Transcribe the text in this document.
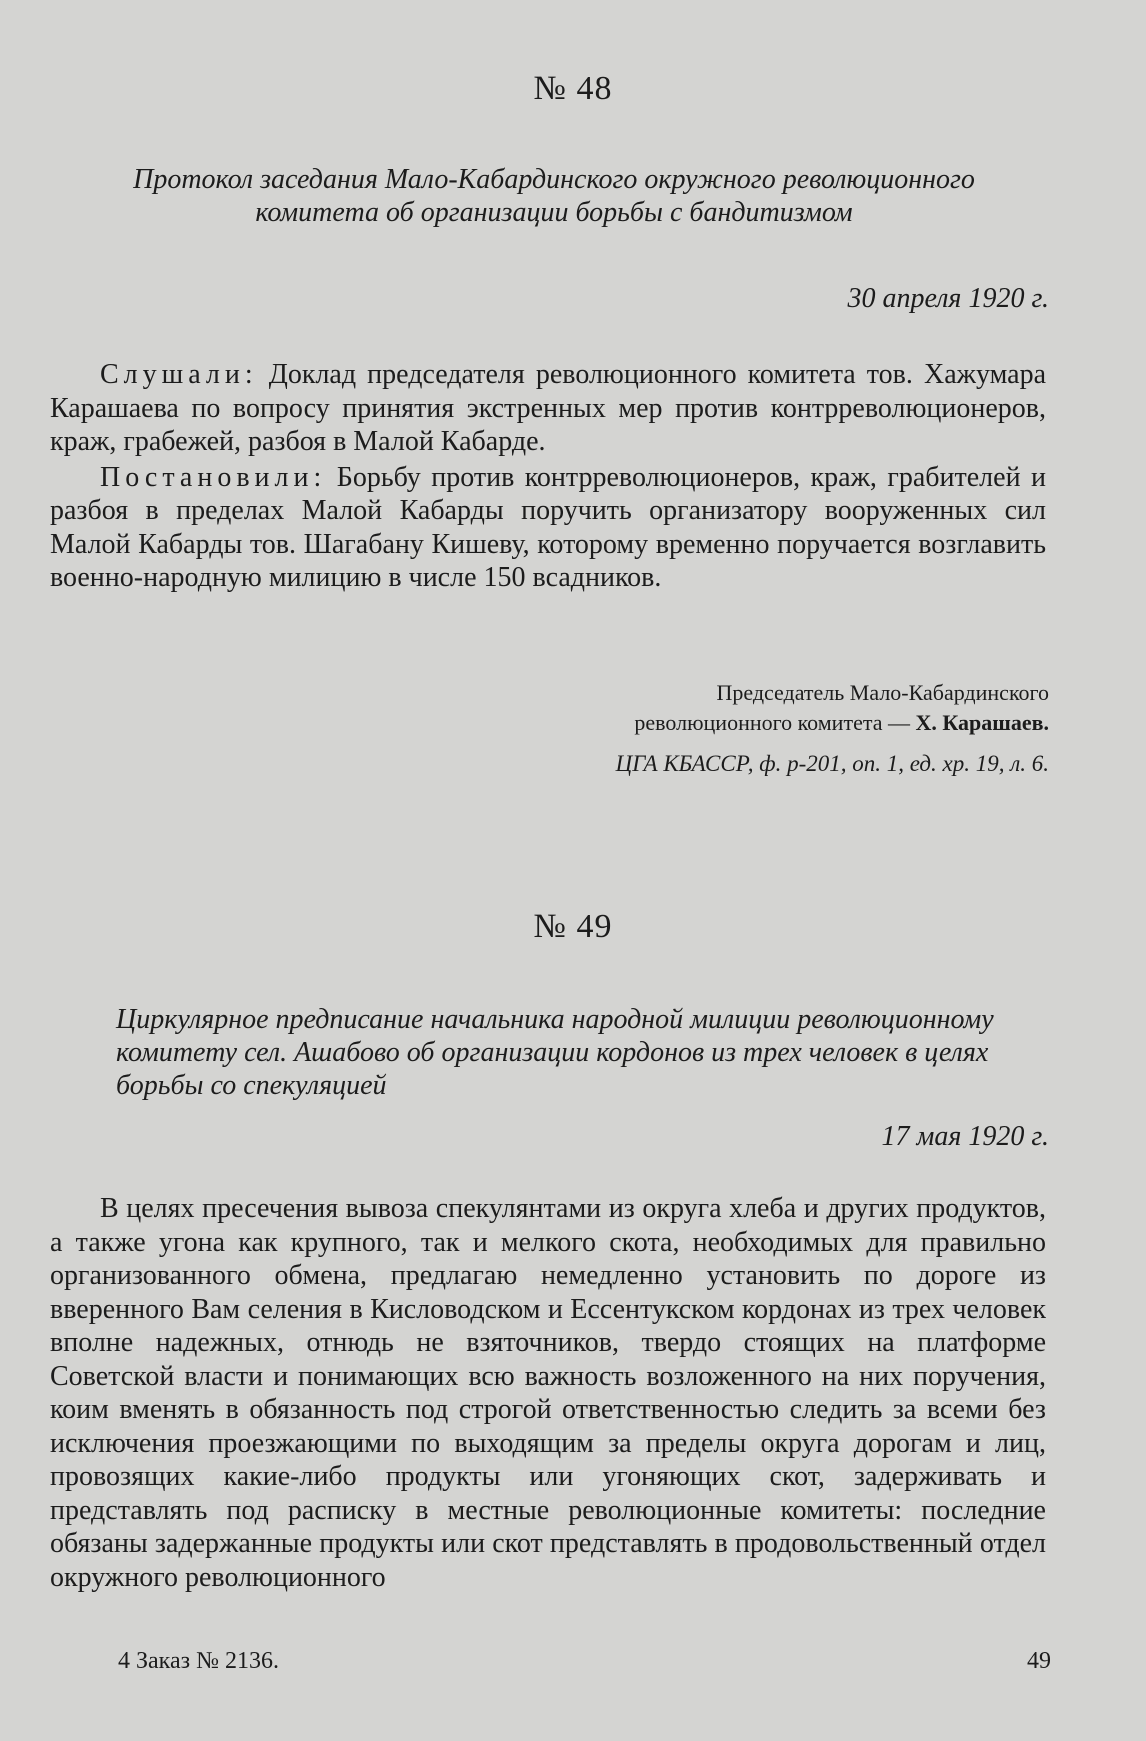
№ 48
Протокол заседания Мало-Кабардинского окружного революционного комитета об организации борьбы с бандитизмом
30 апреля 1920 г.

Слушали: Доклад председателя революционного комитета тов. Хажумара Карашаева по вопросу принятия экстренных мер против контрреволюционеров, краж, грабежей, разбоя в Малой Кабарде.

Постановили: Борьбу против контрреволюционеров, краж, грабителей и разбоя в пределах Малой Кабарды поручить организатору вооруженных сил Малой Кабарды тов. Шагабану Кишеву, которому временно поручается возглавить военно-народную милицию в числе 150 всадников.

Председатель Мало-Кабардинского
революционного комитета — Х. Карашаев.
ЦГА КБАССР, ф. р-201, оп. 1, ед. хр. 19, л. 6.
№ 49
Циркулярное предписание начальника народной милиции революционному комитету сел. Ашабово об организации кордонов из трех человек в целях борьбы со спекуляцией
17 мая 1920 г.

В целях пресечения вывоза спекулянтами из округа хлеба и других продуктов, а также угона как крупного, так и мелкого скота, необходимых для правильно организованного обмена, предлагаю немедленно установить по дороге из вверенного Вам селения в Кисловодском и Ессентукском кордонах из трех человек вполне надежных, отнюдь не взяточников, твердо стоящих на платформе Советской власти и понимающих всю важность возложенного на них поручения, коим вменять в обязанность под строгой ответственностью следить за всеми без исключения проезжающими по выходящим за пределы округа дорогам и лиц, провозящих какие-либо продукты или угоняющих скот, задерживать и представлять под расписку в местные революционные комитеты: последние обязаны задержанные продукты или скот представлять в продовольственный отдел окружного революционного

4 Заказ № 2136.	49
